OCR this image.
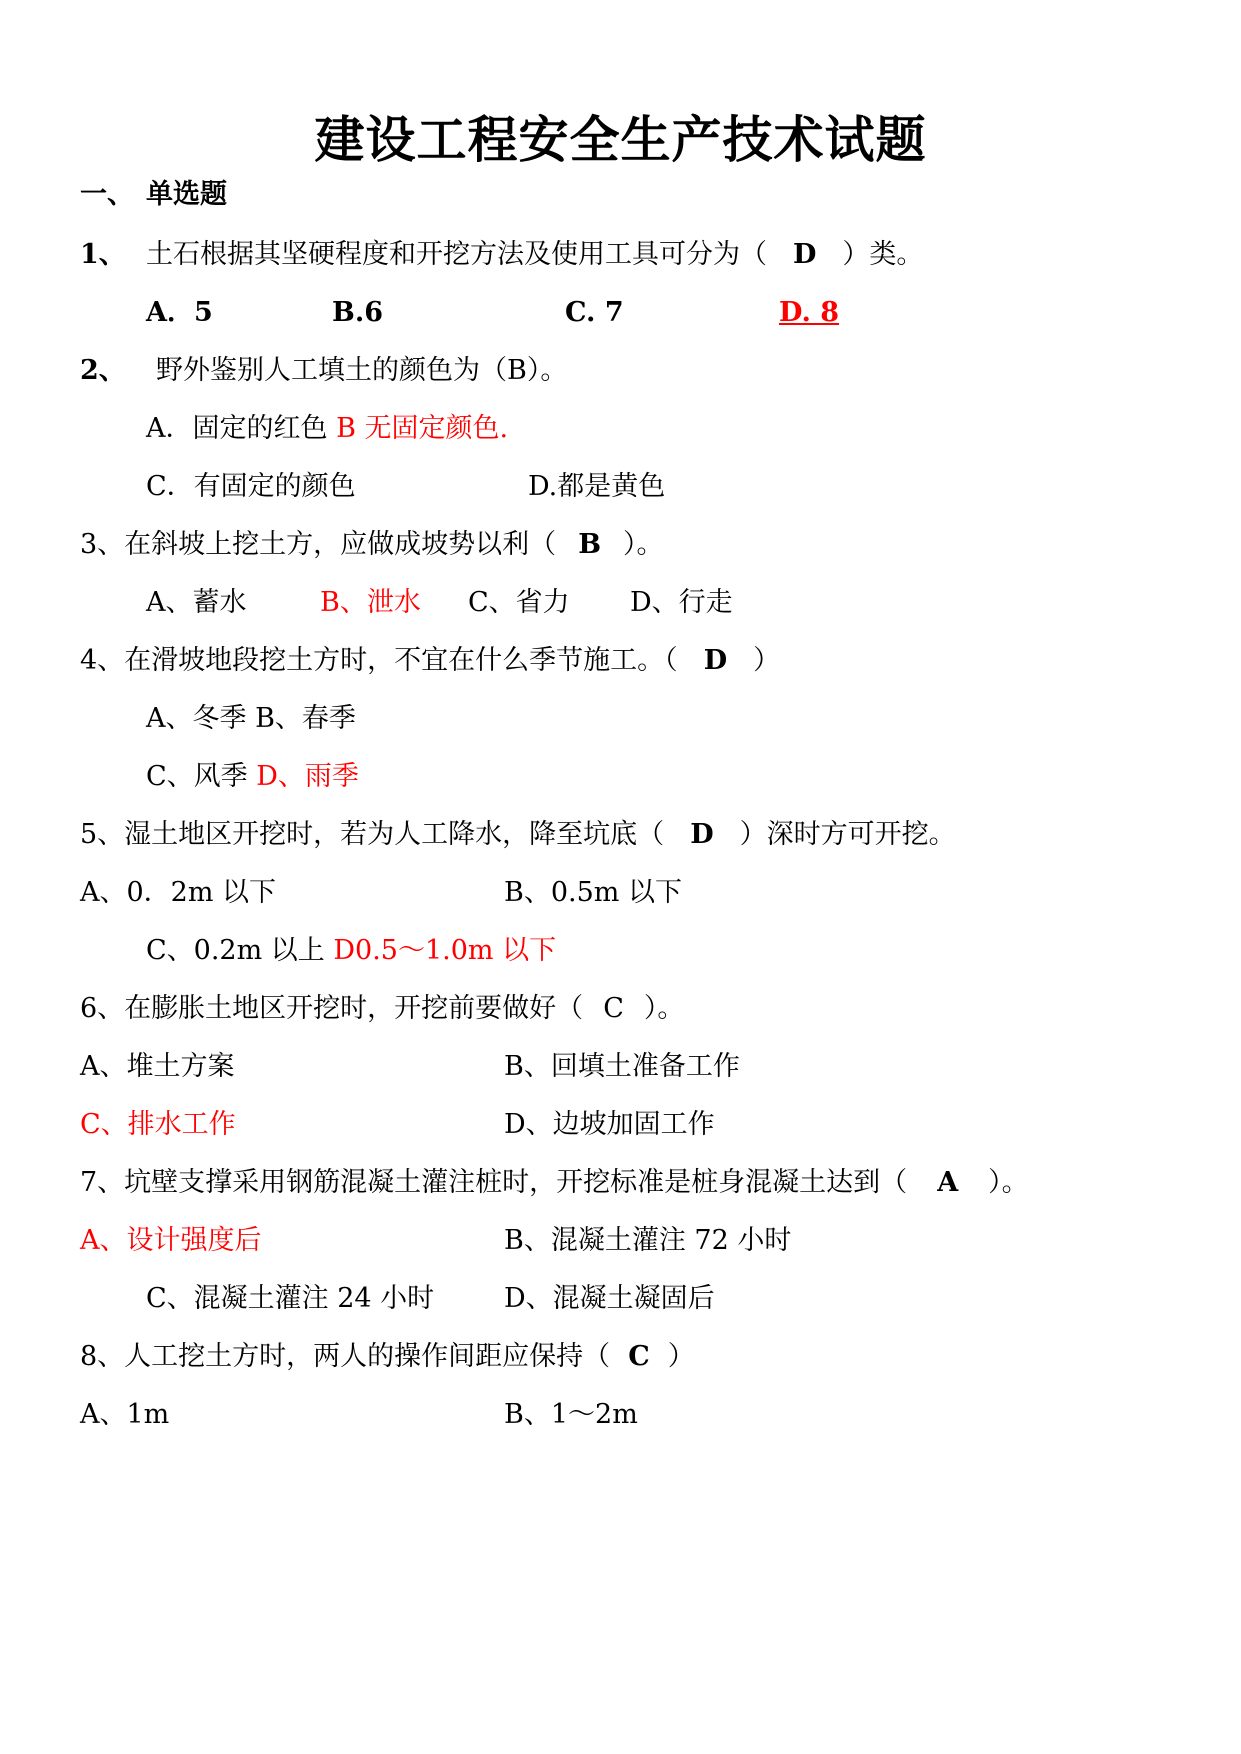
建设工程安全生产技术试题
一、 单选题
1、 土石根据其坚硬程度和开挖方法及使用工具可分为（ D ）类。
A．5	B.6	C. 7	D. 8
2、 野外鉴别人工填土的颜色为（B）。
A．固定的红色 B 无固定颜色.
C．有固定的颜色	D.都是黄色
3、在斜坡上挖土方，应做成坡势以利（ B ）。
A、蓄水	B、泄水 C、省力 D、行走
4、在滑坡地段挖土方时，不宜在什么季节施工。（ D ）
A、冬季 B、春季
C、风季 D、雨季
5、湿土地区开挖时，若为人工降水，降至坑底（ D ）深时方可开挖。
A、0．2m 以下	B、0.5m 以下
C、0.2m 以上 D0.5～1.0m 以下
6、在膨胀土地区开挖时，开挖前要做好（ C ）。
A、堆土方案	B、回填土准备工作
C、排水工作	D、边坡加固工作
7、坑壁支撑采用钢筋混凝土灌注桩时，开挖标准是桩身混凝土达到（ A ）。
A、设计强度后	B、混凝土灌注 72 小时
C、混凝土灌注 24 小时	D、混凝土凝固后
8、人工挖土方时，两人的操作间距应保持（ C ）
A、1m	B、1～2m
